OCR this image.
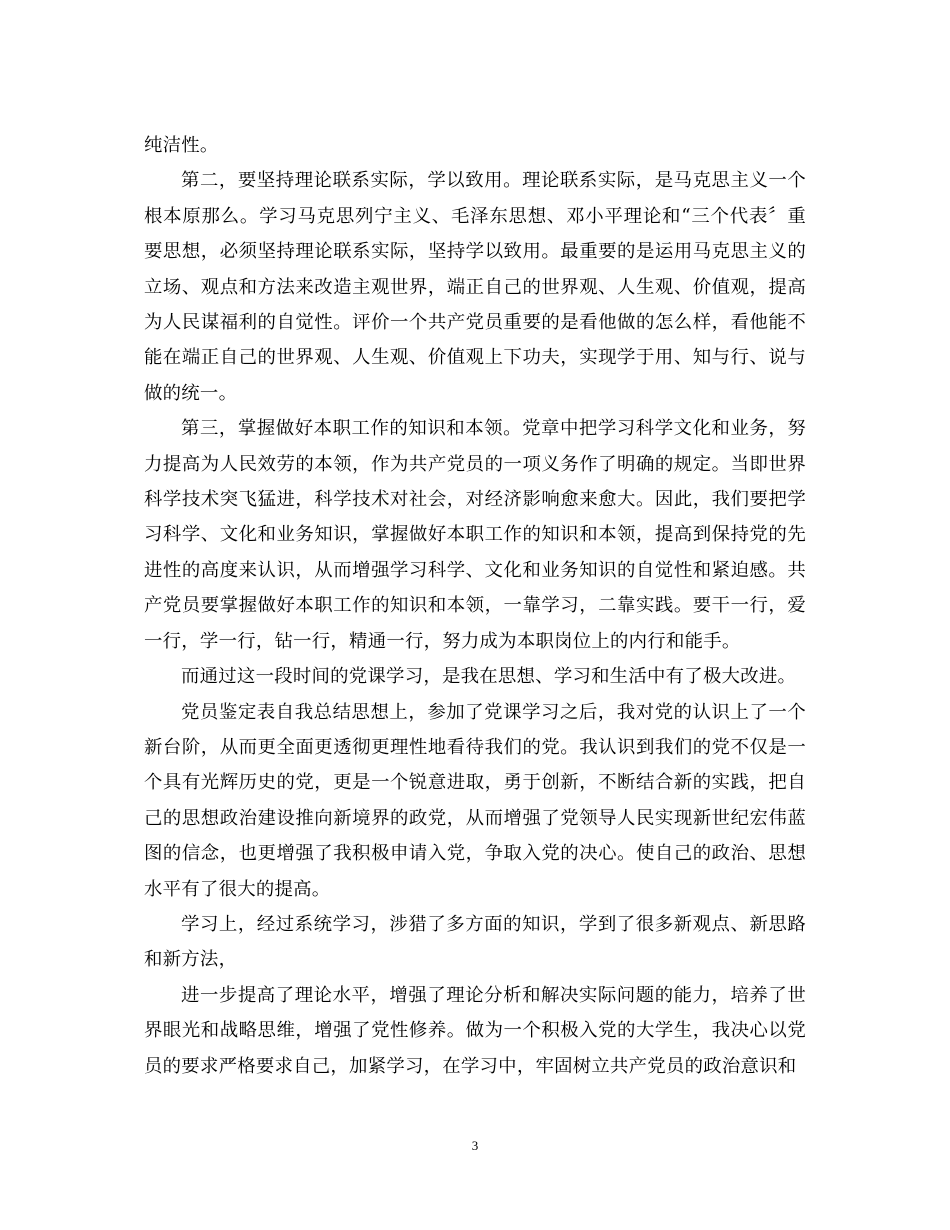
纯洁性。

第二，要坚持理论联系实际，学以致用。理论联系实际，是马克思主义一个根本原那么。学习马克思列宁主义、毛泽东思想、邓小平理论和“三个代表〞重要思想，必须坚持理论联系实际，坚持学以致用。最重要的是运用马克思主义的立场、观点和方法来改造主观世界，端正自己的世界观、人生观、价值观，提高为人民谋福利的自觉性。评价一个共产党员重要的是看他做的怎么样，看他能不能在端正自己的世界观、人生观、价值观上下功夫，实现学于用、知与行、说与做的统一。

第三，掌握做好本职工作的知识和本领。党章中把学习科学文化和业务，努力提高为人民效劳的本领，作为共产党员的一项义务作了明确的规定。当即世界科学技术突飞猛进，科学技术对社会，对经济影响愈来愈大。因此，我们要把学习科学、文化和业务知识，掌握做好本职工作的知识和本领，提高到保持党的先进性的高度来认识，从而增强学习科学、文化和业务知识的自觉性和紧迫感。共产党员要掌握做好本职工作的知识和本领，一靠学习，二靠实践。要干一行，爱一行，学一行，钻一行，精通一行，努力成为本职岗位上的内行和能手。

而通过这一段时间的党课学习，是我在思想、学习和生活中有了极大改进。

党员鉴定表自我总结思想上，参加了党课学习之后，我对党的认识上了一个新台阶，从而更全面更透彻更理性地看待我们的党。我认识到我们的党不仅是一个具有光辉历史的党，更是一个锐意进取，勇于创新，不断结合新的实践，把自己的思想政治建设推向新境界的政党，从而增强了党领导人民实现新世纪宏伟蓝图的信念，也更增强了我积极申请入党，争取入党的决心。使自己的政治、思想水平有了很大的提高。

学习上，经过系统学习，涉猎了多方面的知识，学到了很多新观点、新思路和新方法，

进一步提高了理论水平，增强了理论分析和解决实际问题的能力，培养了世界眼光和战略思维，增强了党性修养。做为一个积极入党的大学生，我决心以党员的要求严格要求自己，加紧学习，在学习中，牢固树立共产党员的政治意识和

3
